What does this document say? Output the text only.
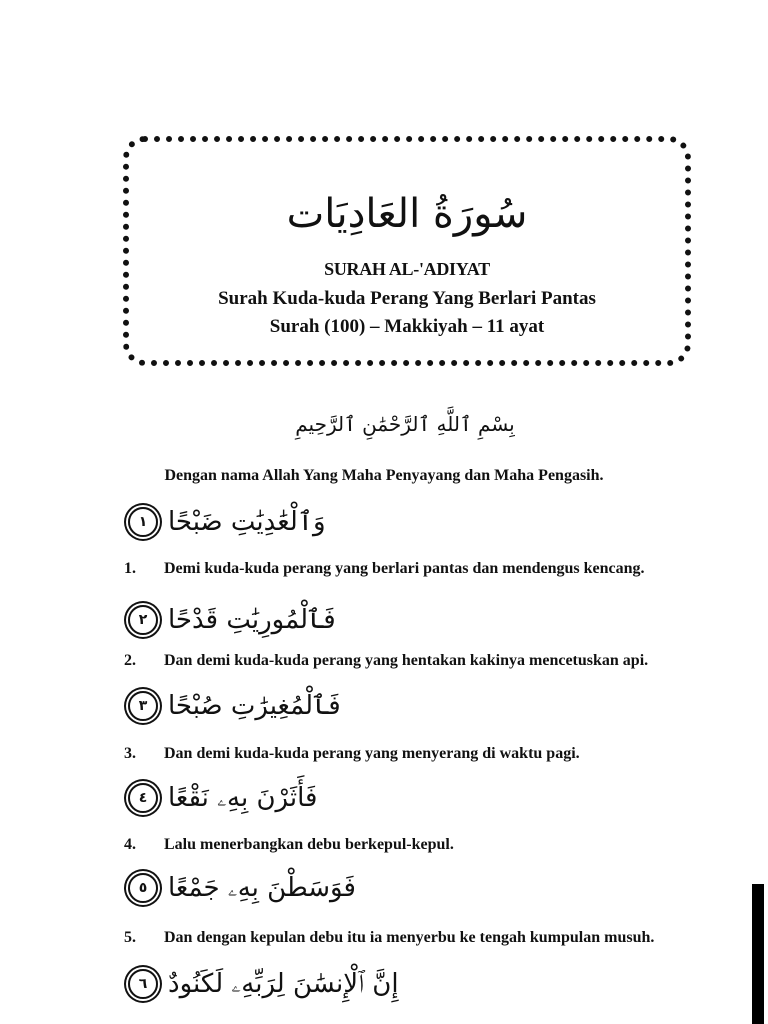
سُورَةُ العَادِيَات
SURAH AL-'ADIYAT
Surah Kuda-kuda Perang Yang Berlari Pantas
Surah (100) – Makkiyah – 11 ayat
بِسْمِ ٱللَّهِ ٱلرَّحْمَٰنِ ٱلرَّحِيمِ
Dengan nama Allah Yang Maha Penyayang dan Maha Pengasih.
١ وَٱلْعَٰدِيَٰتِ ضَبْحًا
1. Demi kuda-kuda perang yang berlari pantas dan mendengus kencang.
٢ فَٱلْمُورِيَٰتِ قَدْحًا
2. Dan demi kuda-kuda perang yang hentakan kakinya mencetuskan api.
٣ فَٱلْمُغِيرَٰتِ صُبْحًا
3. Dan demi kuda-kuda perang yang menyerang di waktu pagi.
٤ فَأَثَرْنَ بِهِۦ نَقْعًا
4. Lalu menerbangkan debu berkepul-kepul.
٥ فَوَسَطْنَ بِهِۦ جَمْعًا
5. Dan dengan kepulan debu itu ia menyerbu ke tengah kumpulan musuh.
٦ إِنَّ ٱلْإِنسَٰنَ لِرَبِّهِۦ لَكَنُودٌ
